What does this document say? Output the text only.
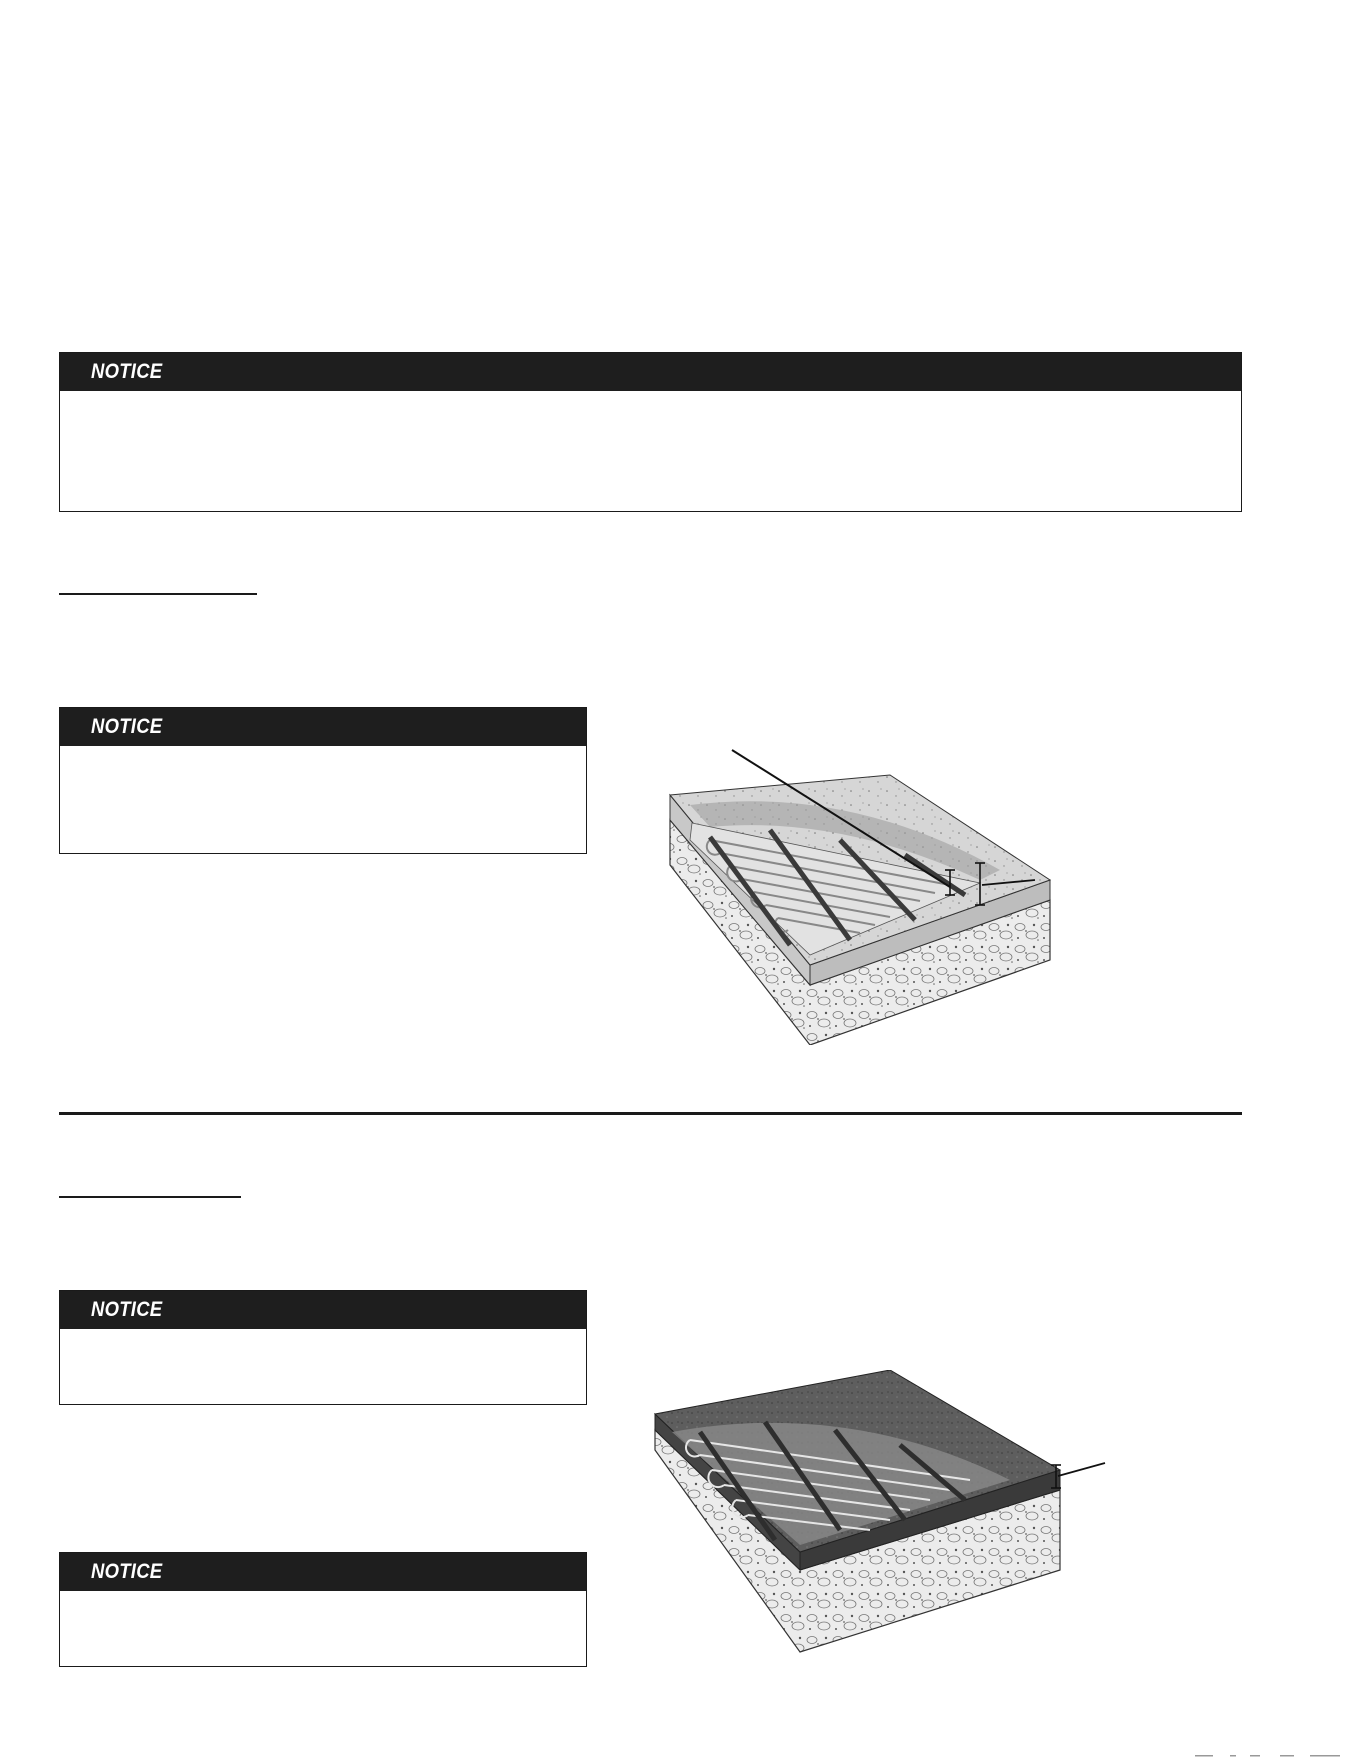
NOTICE
NOTICE
NOTICE
NOTICE
